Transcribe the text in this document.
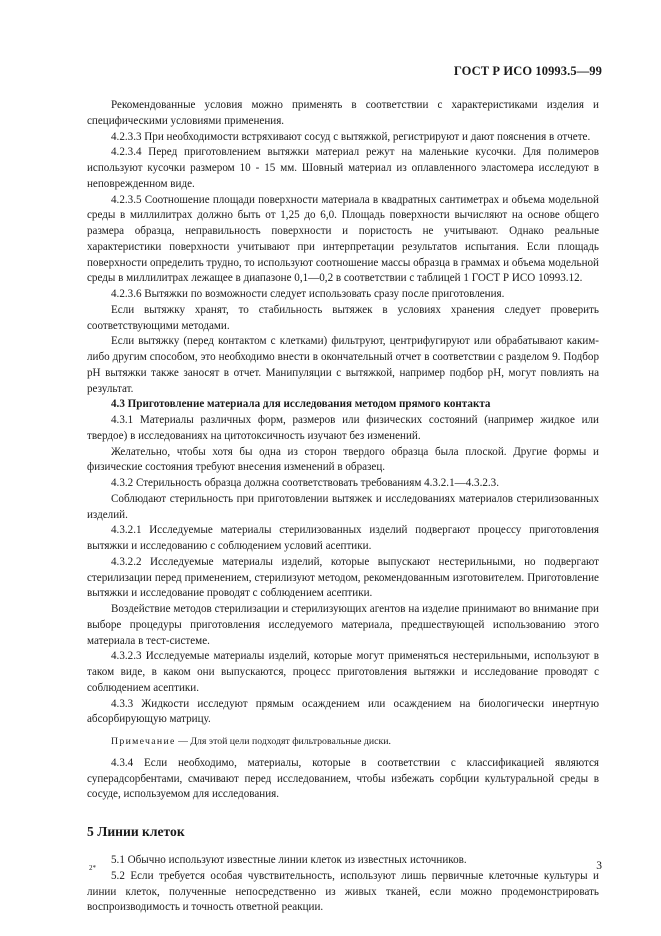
ГОСТ Р ИСО 10993.5—99

Рекомендованные условия можно применять в соответствии с характеристиками изделия и специфическими условиями применения.

4.2.3.3 При необходимости встряхивают сосуд с вытяжкой, регистрируют и дают пояснения в отчете.

4.2.3.4 Перед приготовлением вытяжки материал режут на маленькие кусочки. Для полимеров используют кусочки размером 10 - 15 мм. Шовный материал из оплавленного эластомера исследуют в неповрежденном виде.

4.2.3.5 Соотношение площади поверхности материала в квадратных сантиметрах и объема модельной среды в миллилитрах должно быть от 1,25 до 6,0. Площадь поверхности вычисляют на основе общего размера образца, неправильность поверхности и пористость не учитывают. Однако реальные характеристики поверхности учитывают при интерпретации результатов испытания. Если площадь поверхности определить трудно, то используют соотношение массы образца в граммах и объема модельной среды в миллилитрах лежащее в диапазоне 0,1—0,2 в соответствии с таблицей 1 ГОСТ Р ИСО 10993.12.

4.2.3.6 Вытяжки по возможности следует использовать сразу после приготовления.

Если вытяжку хранят, то стабильность вытяжек в условиях хранения следует проверить соответствующими методами.

Если вытяжку (перед контактом с клетками) фильтруют, центрифугируют или обрабатывают каким-либо другим способом, это необходимо внести в окончательный отчет в соответствии с разделом 9. Подбор pH вытяжки также заносят в отчет. Манипуляции с вытяжкой, например подбор pH, могут повлиять на результат.

4.3 Приготовление материала для исследования методом прямого контакта

4.3.1 Материалы различных форм, размеров или физических состояний (например жидкое или твердое) в исследованиях на цитотоксичность изучают без изменений.

Желательно, чтобы хотя бы одна из сторон твердого образца была плоской. Другие формы и физические состояния требуют внесения изменений в образец.

4.3.2 Стерильность образца должна соответствовать требованиям 4.3.2.1—4.3.2.3.

Соблюдают стерильность при приготовлении вытяжек и исследованиях материалов стерилизованных изделий.

4.3.2.1 Исследуемые материалы стерилизованных изделий подвергают процессу приготовления вытяжки и исследованию с соблюдением условий асептики.

4.3.2.2 Исследуемые материалы изделий, которые выпускают нестерильными, но подвергают стерилизации перед применением, стерилизуют методом, рекомендованным изготовителем. Приготовление вытяжки и исследование проводят с соблюдением асептики.

Воздействие методов стерилизации и стерилизующих агентов на изделие принимают во внимание при выборе процедуры приготовления исследуемого материала, предшествующей использованию этого материала в тест-системе.

4.3.2.3 Исследуемые материалы изделий, которые могут применяться нестерильными, используют в таком виде, в каком они выпускаются, процесс приготовления вытяжки и исследование проводят с соблюдением асептики.

4.3.3 Жидкости исследуют прямым осаждением или осаждением на биологически инертную абсорбирующую матрицу.

Примечание — Для этой цели подходят фильтровальные диски.

4.3.4 Если необходимо, материалы, которые в соответствии с классификацией являются суперадсорбентами, смачивают перед исследованием, чтобы избежать сорбции культуральной среды в сосуде, используемом для исследования.

5 Линии клеток

5.1 Обычно используют известные линии клеток из известных источников.

5.2 Если требуется особая чувствительность, используют лишь первичные клеточные культуры и линии клеток, полученные непосредственно из живых тканей, если можно продемонстрировать воспроизводимость и точность ответной реакции.

2*	3
